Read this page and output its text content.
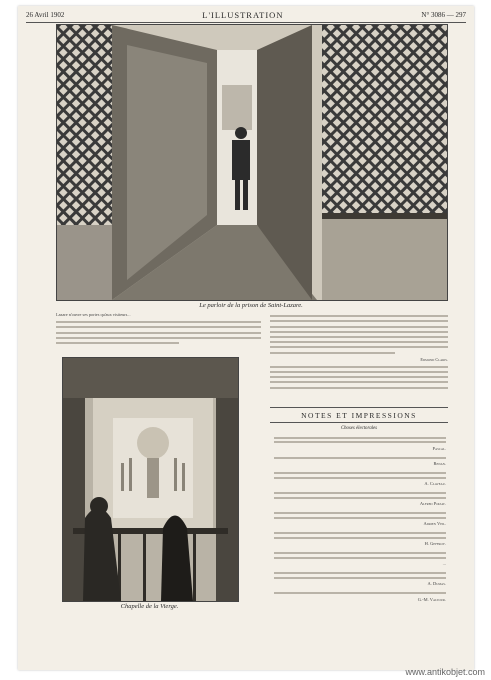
26 Avril 1902	L'ILLUSTRATION	N° 3086 — 297
Le parloir de la prison de Saint-Lazare.
Lazare n'ouvre ses portes qu'aux visiteurs...
Edmond Claris.
Chapelle de la Vierge.
NOTES ET IMPRESSIONS
Choses électorales
Pascal.
Renan.
A. Claveau.
Alfred Poizat.
Adrien Veil.
H. Geffroy.
...
A. Dumas.
G.-M. Valtour.
www.antikobjet.com
